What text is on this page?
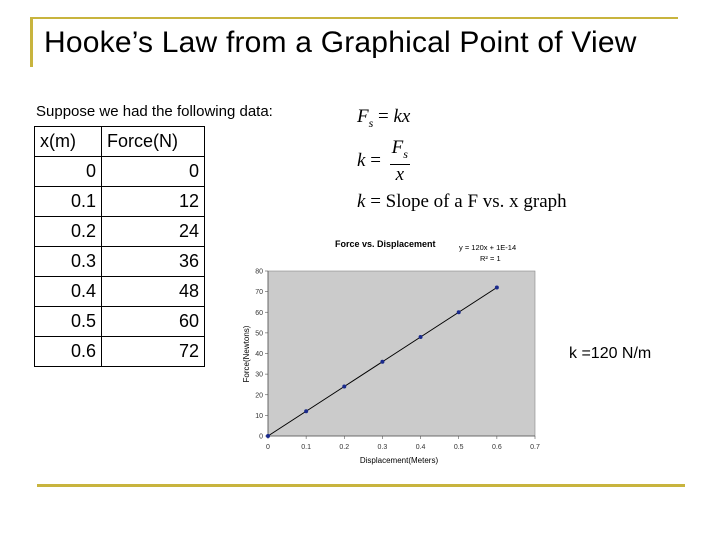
Hooke’s Law from a Graphical Point of View
Suppose we had the following data:
x(m)	Force(N)
0	0
0.1	12
0.2	24
0.3	36
0.4	48
0.5	60
0.6	72
$F_s$ = kx
$k = \frac{F_s}{x}$
k = Slope of a F vs. x graph
0	0.1	0.2	0.3	0.4	0.5	0.6	0.7
0
10
20
30
40
50
60
70
80
Force vs. Displacement	y = 120x + 1E-14
R² = 1
Displacement(Meters)
Force(Newtons)	k =120 N/m
